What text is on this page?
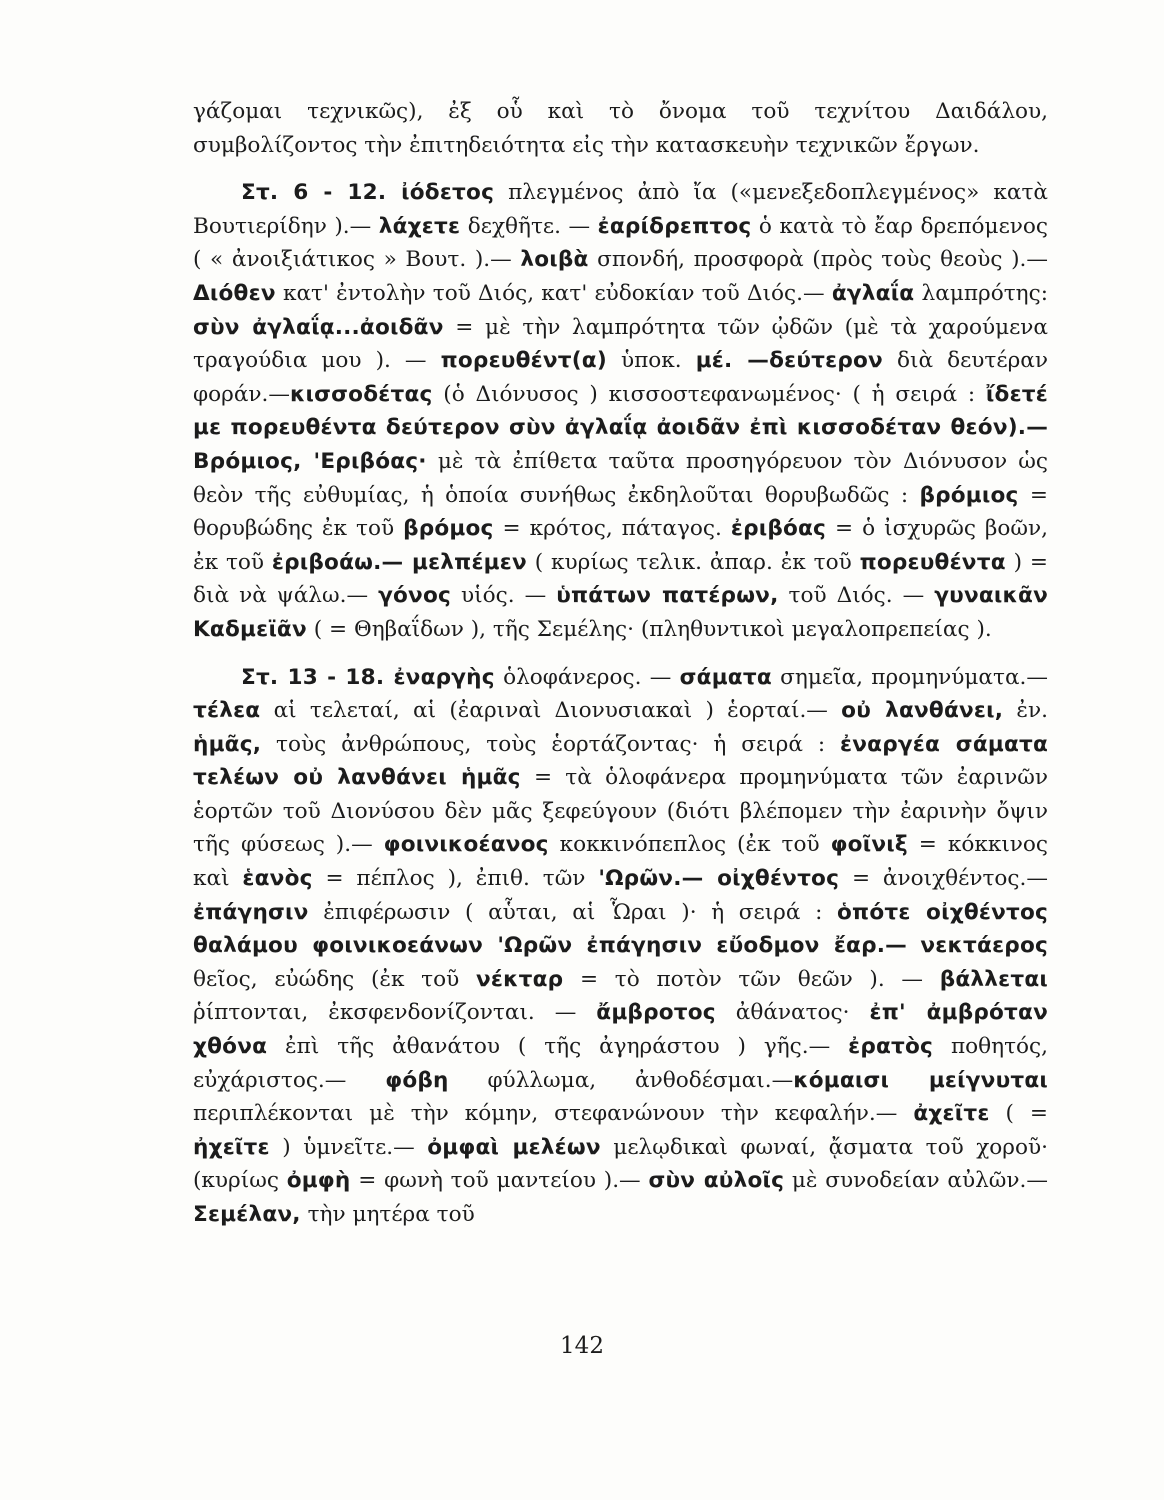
γάζομαι τεχνικῶς), ἐξ οὗ καὶ τὸ ὄνομα τοῦ τεχνίτου Δαιδάλου, συμβολίζοντος τὴν ἐπιτηδειότητα εἰς τὴν κατασκευὴν τεχνικῶν ἔργων.

Στ. 6 - 12. ἰόδετος πλεγμένος ἀπὸ ἴα («μενεξεδοπλεγμένος» κατὰ Βουτιερίδην ).— λάχετε δεχθῆτε. — ἐαρίδρεπτος ὁ κατὰ τὸ ἔαρ δρεπόμενος ( « ἀνοιξιάτικος » Βουτ. ).— λοιβὰ σπονδή, προσφορὰ (πρὸς τοὺς θεοὺς ).— Διόθεν κατ' ἐντολὴν τοῦ Διός, κατ' εὐδοκίαν τοῦ Διός.— ἀγλαΐα λαμπρότης: σὺν ἀγλαΐᾳ...ἀοιδᾶν = μὲ τὴν λαμπρότητα τῶν ᾠδῶν (μὲ τὰ χαρούμενα τραγούδια μου ). — πορευθέντ(α) ὑποκ. μέ. —δεύτερον διὰ δευτέραν φοράν.—κισσοδέτας (ὁ Διόνυσος ) κισσοστεφανωμένος· ( ἡ σειρά : ἴδετέ με πορευθέντα δεύτερον σὺν ἀγλαΐᾳ ἀοιδᾶν ἐπὶ κισσοδέταν θεόν).— Βρόμιος, 'Εριβόας· μὲ τὰ ἐπίθετα ταῦτα προσηγόρευον τὸν Διόνυσον ὡς θεὸν τῆς εὐθυμίας, ἡ ὁποία συνήθως ἐκδηλοῦται θορυβωδῶς : βρόμιος = θορυβώδης ἐκ τοῦ βρόμος = κρότος, πάταγος. ἐριβόας = ὁ ἰσχυρῶς βοῶν, ἐκ τοῦ ἐριβοάω.— μελπέμεν ( κυρίως τελικ. ἀπαρ. ἐκ τοῦ πορευθέντα ) = διὰ νὰ ψάλω.— γόνος υἱός. — ὑπάτων πατέρων, τοῦ Διός. — γυναικᾶν Καδμεϊᾶν ( = Θηβαΐδων ), τῆς Σεμέλης· (πληθυντικοὶ μεγαλοπρεπείας ).

Στ. 13 - 18. ἐναργὴς ὁλοφάνερος. — σάματα σημεῖα, προμηνύματα.— τέλεα αἱ τελεταί, αἱ (ἐαριναὶ Διονυσιακαὶ ) ἑορταί.— οὐ λανθάνει, ἐν. ἡμᾶς, τοὺς ἀνθρώπους, τοὺς ἑορτάζοντας· ἡ σειρά : ἐναργέα σάματα τελέων οὐ λανθάνει ἡμᾶς = τὰ ὁλοφάνερα προμηνύματα τῶν ἐαρινῶν ἑορτῶν τοῦ Διονύσου δὲν μᾶς ξεφεύγουν (διότι βλέπομεν τὴν ἐαρινὴν ὄψιν τῆς φύσεως ).— φοινικοέανος κοκκινόπεπλος (ἐκ τοῦ φοῖνιξ = κόκκινος καὶ ἑανὸς = πέπλος ), ἐπιθ. τῶν 'Ωρῶν.— οἰχθέντος = ἀνοιχθέντος.— ἐπάγησιν ἐπιφέρωσιν ( αὗται, αἱ Ὧραι )· ἡ σειρά : ὁπότε οἰχθέντος θαλάμου φοινικοεάνων 'Ωρῶν ἐπάγησιν εὔοδμον ἔαρ.— νεκτάερος θεῖος, εὐώδης (ἐκ τοῦ νέκταρ = τὸ ποτὸν τῶν θεῶν ). — βάλλεται ῥίπτονται, ἐκσφενδονίζονται. — ἄμβροτος ἀθάνατος· ἐπ' ἀμβρόταν χθόνα ἐπὶ τῆς ἀθανάτου ( τῆς ἀγηράστου ) γῆς.— ἐρατὸς ποθητός, εὐχάριστος.— φόβη φύλλωμα, ἀνθοδέσμαι.—κόμαισι μείγνυται περιπλέκονται μὲ τὴν κόμην, στεφανώνουν τὴν κεφαλήν.— ἀχεῖτε ( = ἠχεῖτε ) ὑμνεῖτε.— ὀμφαὶ μελέων μελῳδικαὶ φωναί, ᾄσματα τοῦ χοροῦ· (κυρίως ὀμφὴ = φωνὴ τοῦ μαντείου ).— σὺν αὐλοῖς μὲ συνοδείαν αὐλῶν.— Σεμέλαν, τὴν μητέρα τοῦ

142
